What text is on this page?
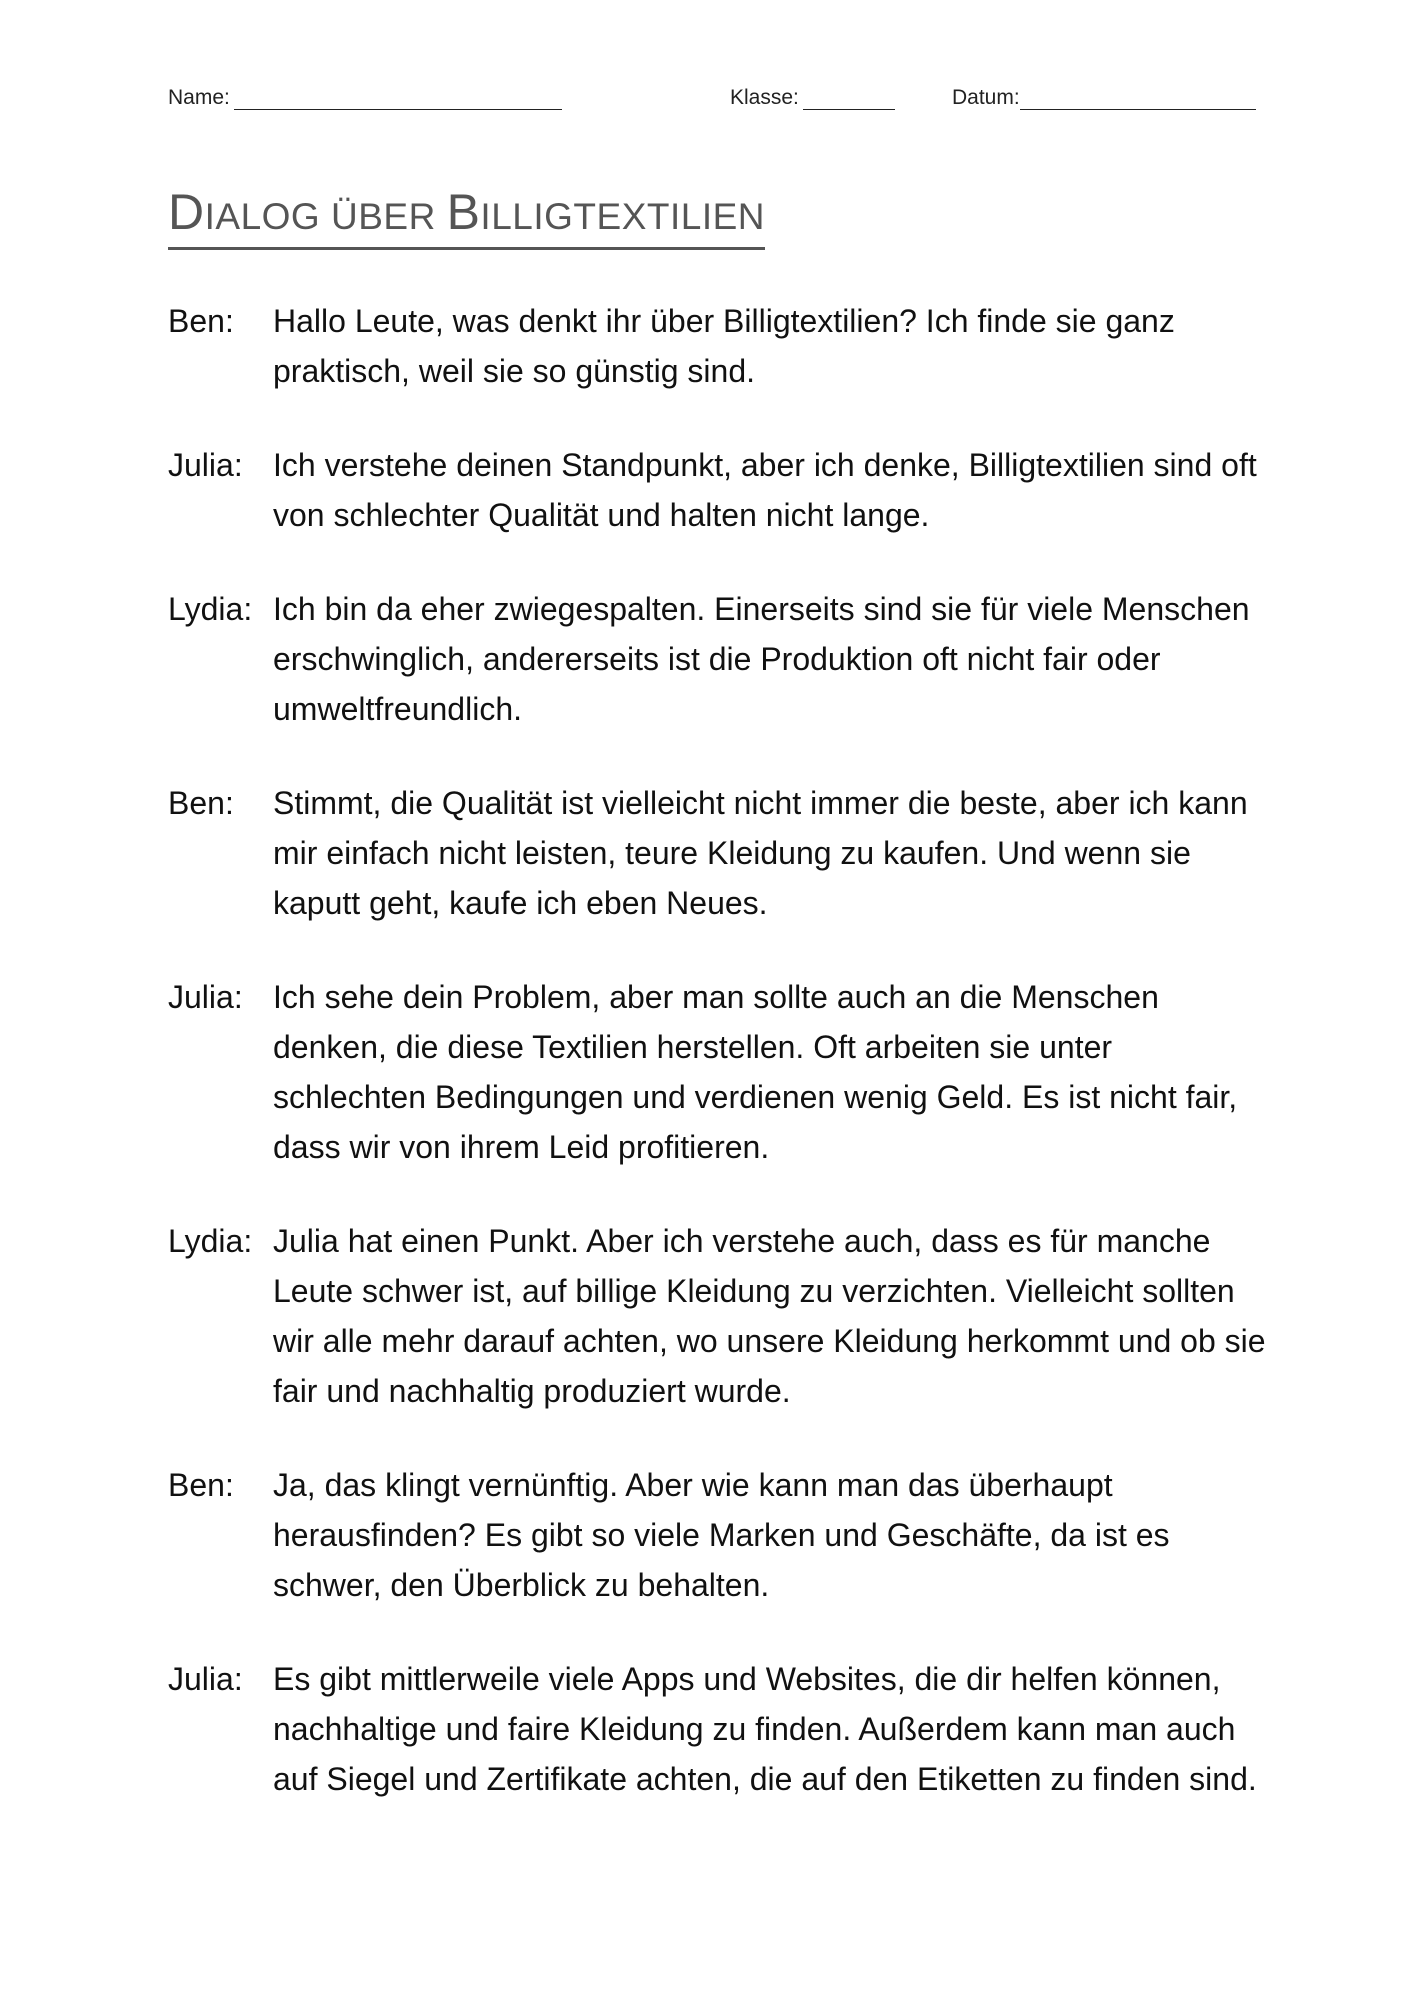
Name:	Klasse:	Datum:
DIALOG ÜBER BILLIGTEXTILIEN
Ben: Hallo Leute, was denkt ihr über Billigtextilien? Ich finde sie ganz praktisch, weil sie so günstig sind.
Julia: Ich verstehe deinen Standpunkt, aber ich denke, Billigtextilien sind oft von schlechter Qualität und halten nicht lange.
Lydia: Ich bin da eher zwiegespalten. Einerseits sind sie für viele Menschen erschwinglich, andererseits ist die Produktion oft nicht fair oder umweltfreundlich.
Ben: Stimmt, die Qualität ist vielleicht nicht immer die beste, aber ich kann mir einfach nicht leisten, teure Kleidung zu kaufen. Und wenn sie kaputt geht, kaufe ich eben Neues.
Julia: Ich sehe dein Problem, aber man sollte auch an die Menschen denken, die diese Textilien herstellen. Oft arbeiten sie unter schlechten Bedingungen und verdienen wenig Geld. Es ist nicht fair, dass wir von ihrem Leid profitieren.
Lydia: Julia hat einen Punkt. Aber ich verstehe auch, dass es für manche Leute schwer ist, auf billige Kleidung zu verzichten. Vielleicht sollten wir alle mehr darauf achten, wo unsere Kleidung herkommt und ob sie fair und nachhaltig produziert wurde.
Ben: Ja, das klingt vernünftig. Aber wie kann man das überhaupt herausfinden? Es gibt so viele Marken und Geschäfte, da ist es schwer, den Überblick zu behalten.
Julia: Es gibt mittlerweile viele Apps und Websites, die dir helfen können, nachhaltige und faire Kleidung zu finden. Außerdem kann man auch auf Siegel und Zertifikate achten, die auf den Etiketten zu finden sind.
